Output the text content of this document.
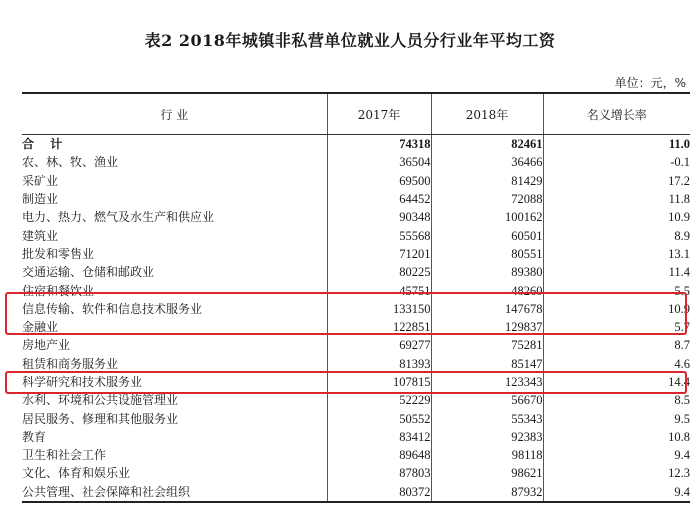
表2 2018年城镇非私营单位就业人员分行业年平均工资
单位：元，%
行 业	2017年	2018年	名义增长率
合 计	74318	82461	11.0
农、林、牧、渔业	36504	36466	-0.1
采矿业	69500	81429	17.2
制造业	64452	72088	11.8
电力、热力、燃气及水生产和供应业	90348	100162	10.9
建筑业	55568	60501	8.9
批发和零售业	71201	80551	13.1
交通运输、仓储和邮政业	80225	89380	11.4
住宿和餐饮业	45751	48260	5.5
信息传输、软件和信息技术服务业	133150	147678	10.9
金融业	122851	129837	5.7
房地产业	69277	75281	8.7
租赁和商务服务业	81393	85147	4.6
科学研究和技术服务业	107815	123343	14.4
水利、环境和公共设施管理业	52229	56670	8.5
居民服务、修理和其他服务业	50552	55343	9.5
教育	83412	92383	10.8
卫生和社会工作	89648	98118	9.4
文化、体育和娱乐业	87803	98621	12.3
公共管理、社会保障和社会组织	80372	87932	9.4
